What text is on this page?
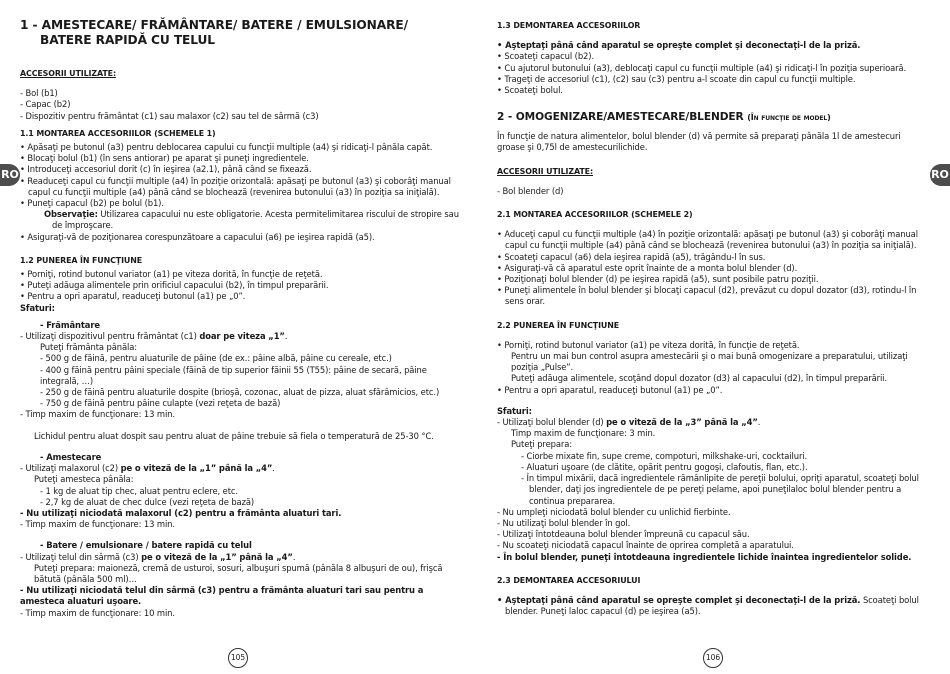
RO	RO
1 - AMESTECARE/ FRĂMÂNTARE/ BATERE / EMULSIONARE/ BATERE RAPIDĂ CU TELUL
ACCESORII UTILIZATE:

- Bol (b1)

- Capac (b2)

- Dispozitiv pentru frământat (c1) sau malaxor (c2) sau tel de sârmă (c3)

1.1 MONTAREA ACCESORIILOR (SCHEMELE 1)

• Apăsaţi pe butonul (a3) pentru deblocarea capului cu funcţii multiple (a4) şi ridicaţi-l pânăla capăt.

• Blocaţi bolul (b1) (în sens antiorar) pe aparat şi puneţi ingredientele.

• Introduceţi accesoriul dorit (c) în ieşirea (a2.1), până când se fixează.

• Readuceţi capul cu funcţii multiple (a4) în poziţie orizontală: apăsaţi pe butonul (a3) şi coborâţi manual capul cu funcţii multiple (a4) până când se blochează (revenirea butonului (a3) în poziţia sa iniţială).

• Puneţi capacul (b2) pe bolul (b1).

Observaţie: Utilizarea capacului nu este obligatorie. Acesta permitelimitarea riscului de stropire sau de împroşcare.

• Asiguraţi-vă de poziţionarea corespunzătoare a capacului (a6) pe ieşirea rapidă (a5).

1.2 PUNEREA ÎN FUNCŢIUNE

• Porniţi, rotind butonul variator (a1) pe viteza dorită, în funcţie de reţetă.

• Puteţi adăuga alimentele prin orificiul capacului (b2), în timpul preparării.

• Pentru a opri aparatul, readuceţi butonul (a1) pe „0”.

Sfaturi:

- Frământare

- Utilizaţi dispozitivul pentru frământat (c1) doar pe viteza „1”.

Puteţi frământa pânăla:

- 500 g de făină, pentru aluaturile de pâine (de ex.: pâine albă, pâine cu cereale, etc.)

- 400 g făină pentru pâini speciale (făină de tip superior făinii 55 (T55): pâine de secară, pâine integrală, …)

- 250 g de făină pentru aluaturile dospite (brioşă, cozonac, aluat de pizza, aluat sfărâmicios, etc.)

- 750 g de făină pentru pâine culapte (vezi reţeta de bază)

- Timp maxim de funcţionare: 13 min.

Lichidul pentru aluat dospit sau pentru aluat de pâine trebuie să fiela o temperatură de 25-30 °C.

- Amestecare

- Utilizaţi malaxorul (c2) pe o viteză de la „1” până la „4”.

Puteţi amesteca pânăla:

- 1 kg de aluat tip chec, aluat pentru eclere, etc.

- 2,7 kg de aluat de chec dulce (vezi reţeta de bază)

- Nu utilizaţi niciodată malaxorul (c2) pentru a frământa aluaturi tari.

- Timp maxim de funcţionare: 13 min.

- Batere / emulsionare / batere rapidă cu telul

- Utilizaţi telul din sârmă (c3) pe o viteză de la „1” până la „4”.

Puteţi prepara: maioneză, cremă de usturoi, sosuri, albuşuri spumă (pânăla 8 albuşuri de ou), frişcă bătută (pânăla 500 ml)…

- Nu utilizaţi niciodată telul din sârmă (c3) pentru a frământa aluaturi tari sau pentru a amesteca aluaturi uşoare.

- Timp maxim de funcţionare: 10 min.

1.3 DEMONTAREA ACCESORIILOR

• Aşteptaţi până când aparatul se opreşte complet şi deconectaţi-l de la priză.

• Scoateţi capacul (b2).

• Cu ajutorul butonului (a3), deblocaţi capul cu funcţii multiple (a4) şi ridicaţi-l în poziţia superioară.

• Trageţi de accesoriul (c1), (c2) sau (c3) pentru a-l scoate din capul cu funcţii multiple.

• Scoateţi bolul.

2 - OMOGENIZARE/AMESTECARE/BLENDER (În funcţie de model)

În funcţie de natura alimentelor, bolul blender (d) vă permite să preparaţi pânăla 1l de amestecuri groase şi 0,75l de amestecurilichide.

ACCESORII UTILIZATE:

- Bol blender (d)

2.1 MONTAREA ACCESORIILOR (SCHEMELE 2)

• Aduceţi capul cu funcţii multiple (a4) în poziţie orizontală: apăsaţi pe butonul (a3) şi coborâţi manual capul cu funcţii multiple (a4) până când se blochează (revenirea butonului (a3) în poziţia sa iniţială).

• Scoateţi capacul (a6) dela ieşirea rapidă (a5), trăgându-l în sus.

• Asiguraţi-vă că aparatul este oprit înainte de a monta bolul blender (d).

• Poziţionaţi bolul blender (d) pe ieşirea rapidă (a5), sunt posibile patru poziţii.

• Puneţi alimentele în bolul blender şi blocaţi capacul (d2), prevăzut cu dopul dozator (d3), rotindu-l în sens orar.

2.2 PUNEREA ÎN FUNCŢIUNE

• Porniţi, rotind butonul variator (a1) pe viteza dorită, în funcţie de reţetă.

Pentru un mai bun control asupra amestecării şi o mai bună omogenizare a preparatului, utilizaţi poziţia „Pulse”.

Puteţi adăuga alimentele, scoţând dopul dozator (d3) al capacului (d2), în timpul preparării.

• Pentru a opri aparatul, readuceţi butonul (a1) pe „0”.

Sfaturi:

- Utilizaţi bolul blender (d) pe o viteză de la „3” până la „4”.

Timp maxim de funcţionare: 3 min.

Puteţi prepara:

- Ciorbe mixate fin, supe creme, compoturi, milkshake-uri, cocktailuri.

- Aluaturi uşoare (de clătite, opărit pentru gogoşi, clafoutis, flan, etc.).

- În timpul mixării, dacă ingredientele rămânlipite de pereţii bolului, opriţi aparatul, scoateţi bolul blender, daţi jos ingredientele de pe pereţi pelame, apoi puneţilaloc bolul blender pentru a continua prepararea.

- Nu umpleţi niciodată bolul blender cu unlichid fierbinte.

- Nu utilizaţi bolul blender în gol.

- Utilizaţi întotdeauna bolul blender împreună cu capacul său.

- Nu scoateţi niciodată capacul înainte de oprirea completă a aparatului.

- În bolul blender, puneţi întotdeauna ingredientele lichide înaintea ingredientelor solide.

2.3 DEMONTAREA ACCESORIULUI

• Aşteptaţi până când aparatul se opreşte complet şi deconectaţi-l de la priză. Scoateţi bolul blender. Puneţi laloc capacul (d) pe ieşirea (a5).

105	106
